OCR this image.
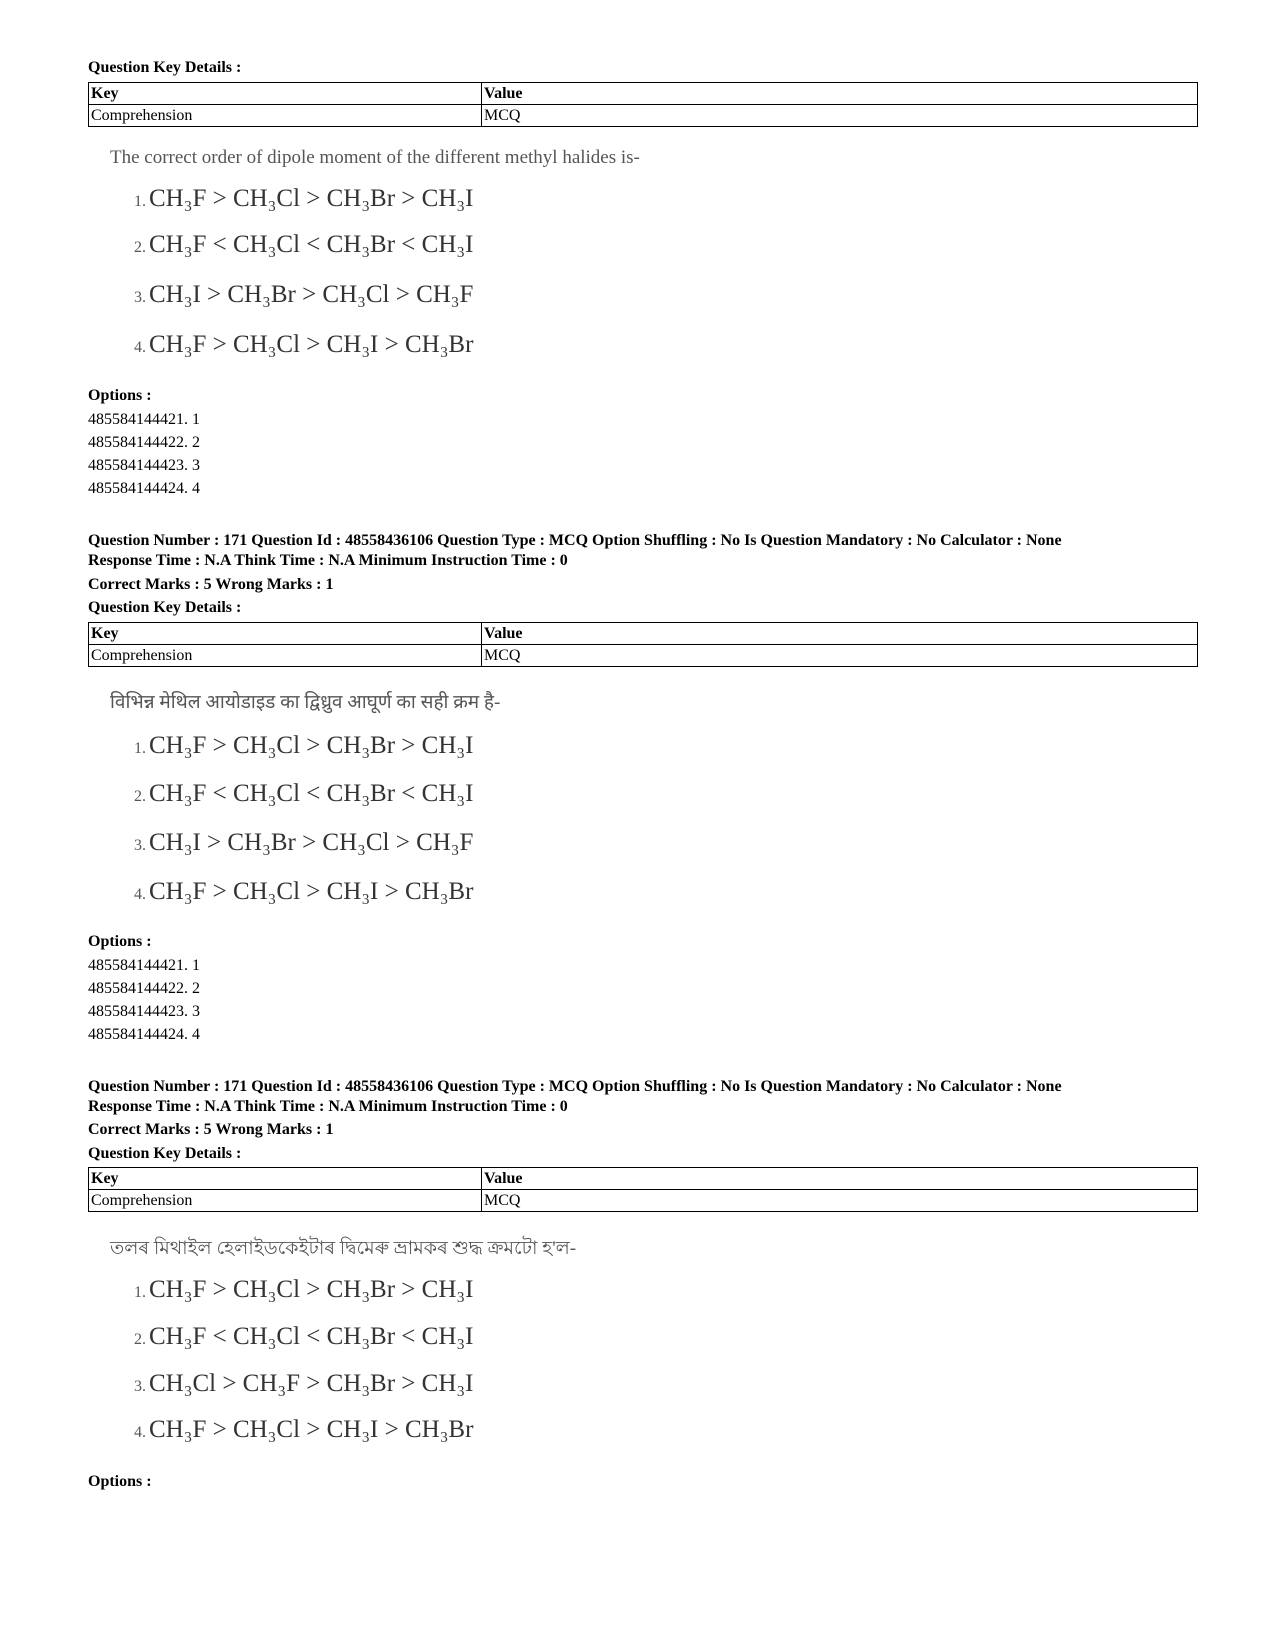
Question Key Details :
Key	Value
Comprehension	MCQ
The correct order of dipole moment of the different methyl halides is-
1. CH₃F > CH₃Cl > CH₃Br > CH₃I
2. CH₃F < CH₃Cl < CH₃Br < CH₃I
3. CH₃I > CH₃Br > CH₃Cl > CH₃F
4. CH₃F > CH₃Cl > CH₃I > CH₃Br
Options :
485584144421. 1
485584144422. 2
485584144423. 3
485584144424. 4
Question Number : 171 Question Id : 48558436106 Question Type : MCQ Option Shuffling : No Is Question Mandatory : No Calculator : None
Response Time : N.A Think Time : N.A Minimum Instruction Time : 0
Correct Marks : 5 Wrong Marks : 1
Question Key Details :
Key	Value
Comprehension	MCQ
विभिन्न मेथिल आयोडाइड का द्विध्रुव आघूर्ण का सही क्रम है-
1. CH₃F > CH₃Cl > CH₃Br > CH₃I
2. CH₃F < CH₃Cl < CH₃Br < CH₃I
3. CH₃I > CH₃Br > CH₃Cl > CH₃F
4. CH₃F > CH₃Cl > CH₃I > CH₃Br
Options :
485584144421. 1
485584144422. 2
485584144423. 3
485584144424. 4
Question Number : 171 Question Id : 48558436106 Question Type : MCQ Option Shuffling : No Is Question Mandatory : No Calculator : None
Response Time : N.A Think Time : N.A Minimum Instruction Time : 0
Correct Marks : 5 Wrong Marks : 1
Question Key Details :
Key	Value
Comprehension	MCQ
তলৰ মিথাইল হেলাইডকেইটাৰ দ্বিমেৰু ভ্ৰামকৰ শুদ্ধ ক্ৰমটো হ'ল-
1. CH₃F > CH₃Cl > CH₃Br > CH₃I
2. CH₃F < CH₃Cl < CH₃Br < CH₃I
3. CH₃Cl > CH₃F > CH₃Br > CH₃I
4. CH₃F > CH₃Cl > CH₃I > CH₃Br
Options :
